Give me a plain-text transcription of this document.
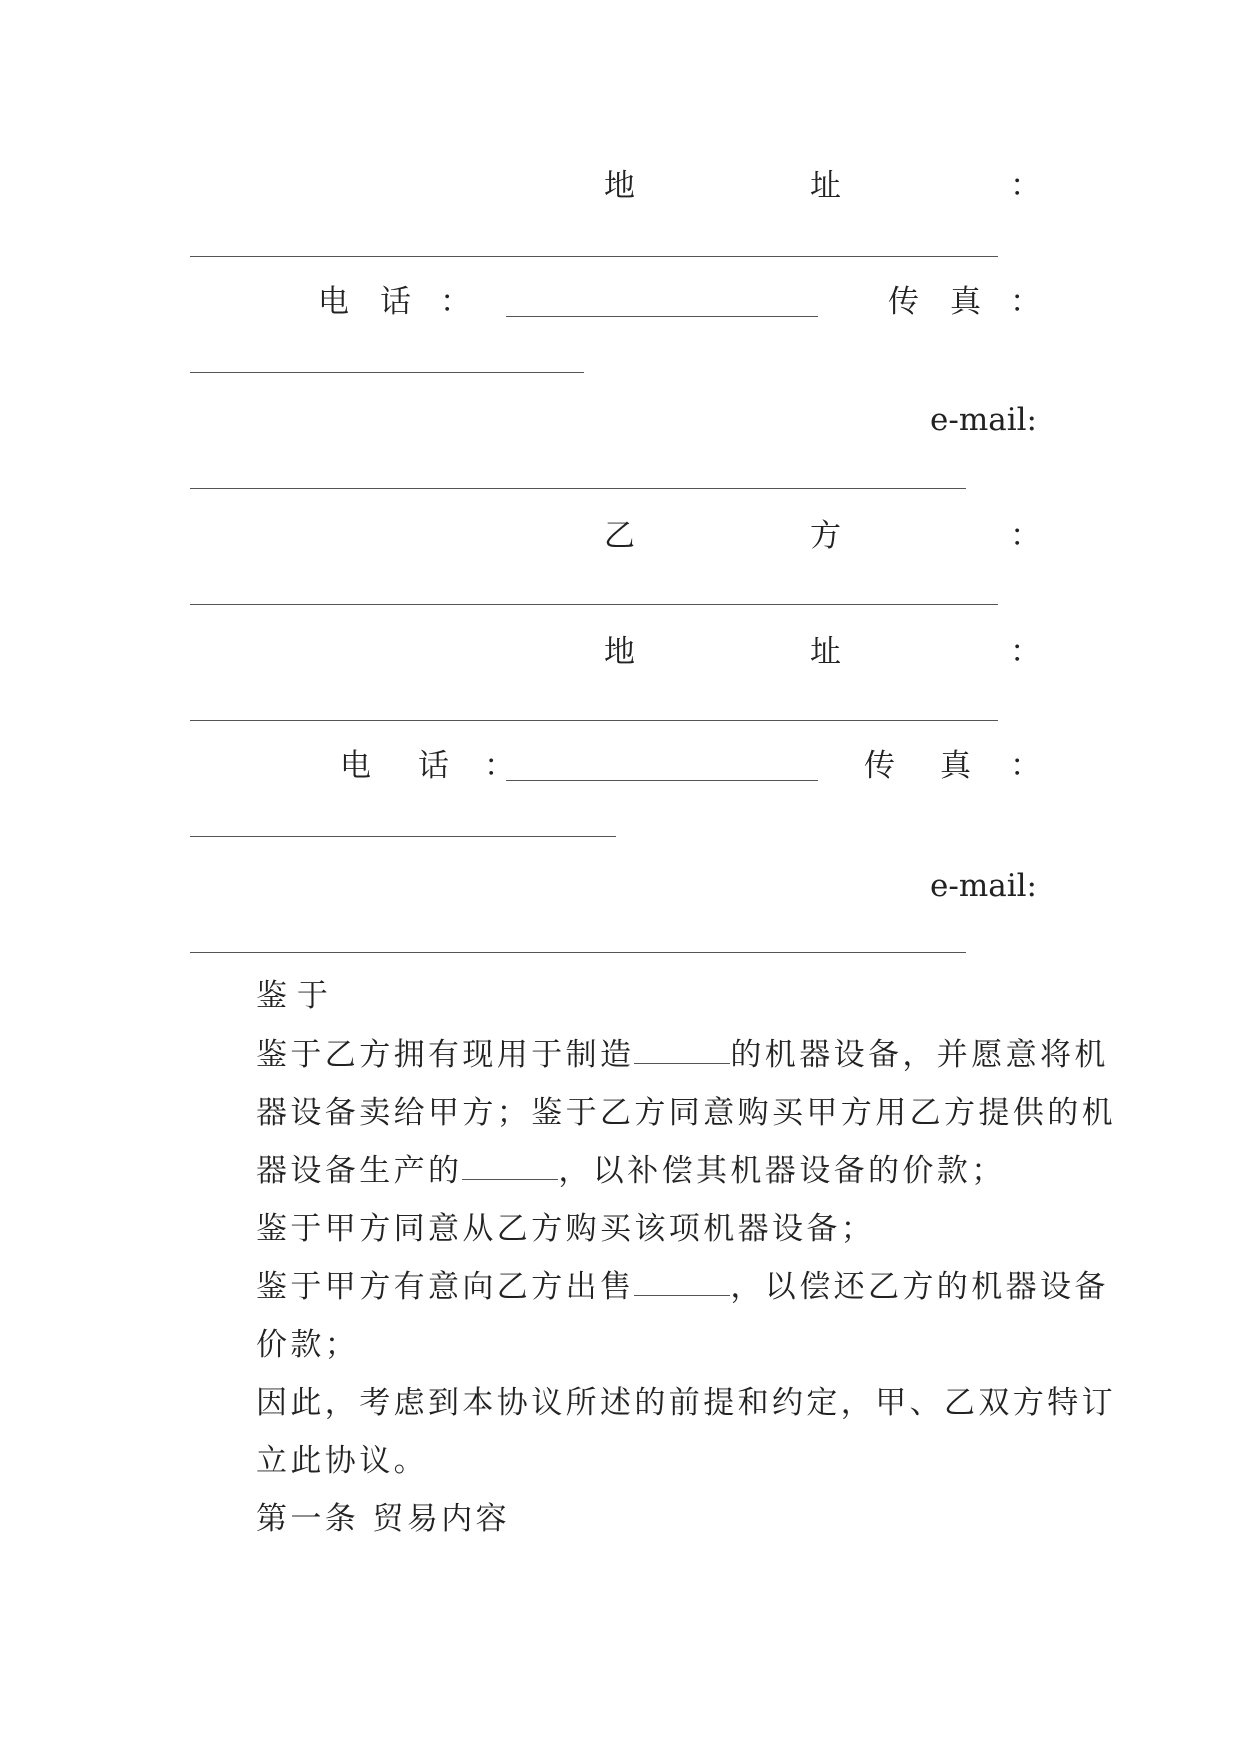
地	址	：
电 话 ：	传 真 ：
e-mail:
乙	方	：
地	址	：
电 话 ：	传 真 ：
e-mail:
鉴 于
鉴于乙方拥有现用于制造	的机器设备，并愿意将机器设备卖给甲方；鉴于乙方同意购买甲方用乙方提供的机器设备生产的	，以补偿其机器设备的价款；
鉴于甲方同意从乙方购买该项机器设备；
鉴于甲方有意向乙方出售	，以偿还乙方的机器设备价款；
因此，考虑到本协议所述的前提和约定，甲、乙双方特订立此协议。
第一条 贸易内容
